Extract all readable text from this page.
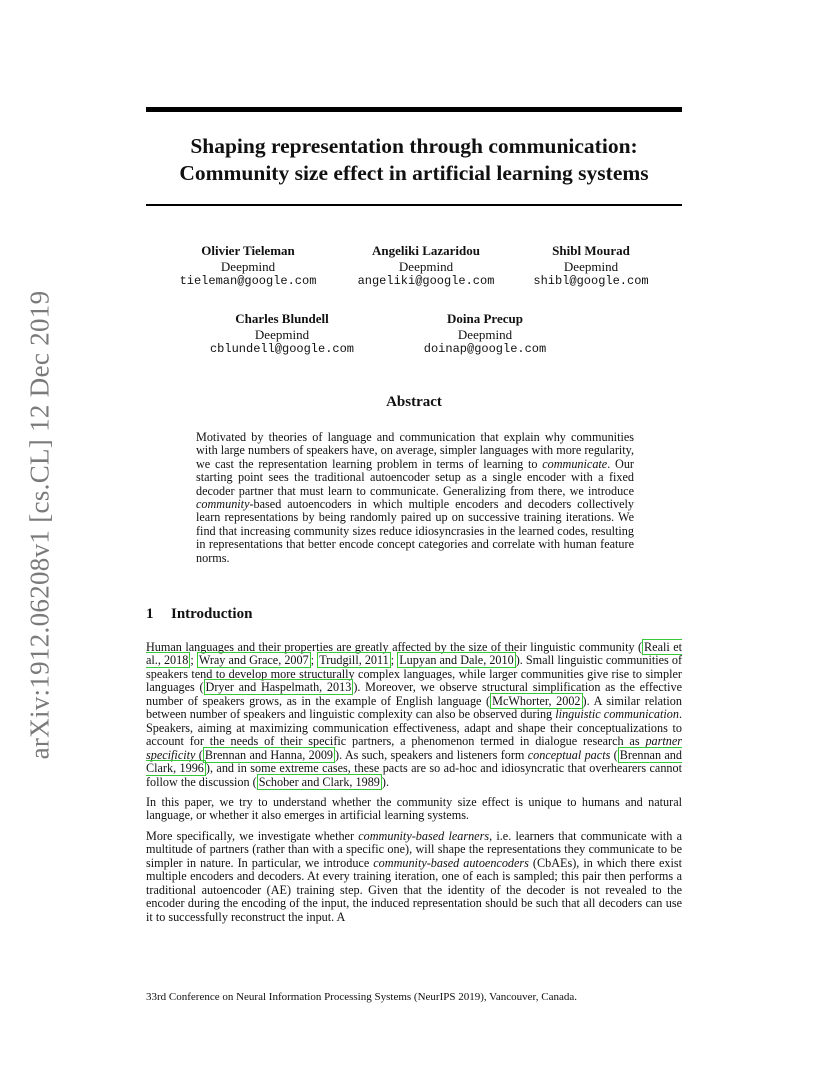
arXiv:1912.06208v1 [cs.CL] 12 Dec 2019
Shaping representation through communication:
Community size effect in artificial learning systems
Olivier Tieleman
Deepmind
tieleman@google.com
Angeliki Lazaridou
Deepmind
angeliki@google.com
Shibl Mourad
Deepmind
shibl@google.com
Charles Blundell
Deepmind
cblundell@google.com
Doina Precup
Deepmind
doinap@google.com
Abstract
Motivated by theories of language and communication that explain why communities with large numbers of speakers have, on average, simpler languages with more regularity, we cast the representation learning problem in terms of learning to communicate. Our starting point sees the traditional autoencoder setup as a single encoder with a fixed decoder partner that must learn to communicate. Generalizing from there, we introduce community-based autoencoders in which multiple encoders and decoders collectively learn representations by being randomly paired up on successive training iterations. We find that increasing community sizes reduce idiosyncrasies in the learned codes, resulting in representations that better encode concept categories and correlate with human feature norms.
1 Introduction

Human languages and their properties are greatly affected by the size of their linguistic community ( Reali et al., 2018 ; Wray and Grace, 2007 ; Trudgill, 2011 ; Lupyan and Dale, 2010 ). Small linguistic communities of speakers tend to develop more structurally complex languages, while larger communities give rise to simpler languages ( Dryer and Haspelmath, 2013 ). Moreover, we observe structural simplification as the effective number of speakers grows, as in the example of English language ( McWhorter, 2002 ). A similar relation between number of speakers and linguistic complexity can also be observed during linguistic communication. Speakers, aiming at maximizing communication effectiveness, adapt and shape their conceptualizations to account for the needs of their specific partners, a phenomenon termed in dialogue research as partner specificity ( Brennan and Hanna, 2009 ). As such, speakers and listeners form conceptual pacts ( Brennan and Clark, 1996 ), and in some extreme cases, these pacts are so ad-hoc and idiosyncratic that overhearers cannot follow the discussion ( Schober and Clark, 1989 ).

In this paper, we try to understand whether the community size effect is unique to humans and natural language, or whether it also emerges in artificial learning systems.

More specifically, we investigate whether community-based learners, i.e. learners that communicate with a multitude of partners (rather than with a specific one), will shape the representations they communicate to be simpler in nature. In particular, we introduce community-based autoencoders (CbAEs), in which there exist multiple encoders and decoders. At every training iteration, one of each is sampled; this pair then performs a traditional autoencoder (AE) training step. Given that the identity of the decoder is not revealed to the encoder during the encoding of the input, the induced representation should be such that all decoders can use it to successfully reconstruct the input. A

33rd Conference on Neural Information Processing Systems (NeurIPS 2019), Vancouver, Canada.
